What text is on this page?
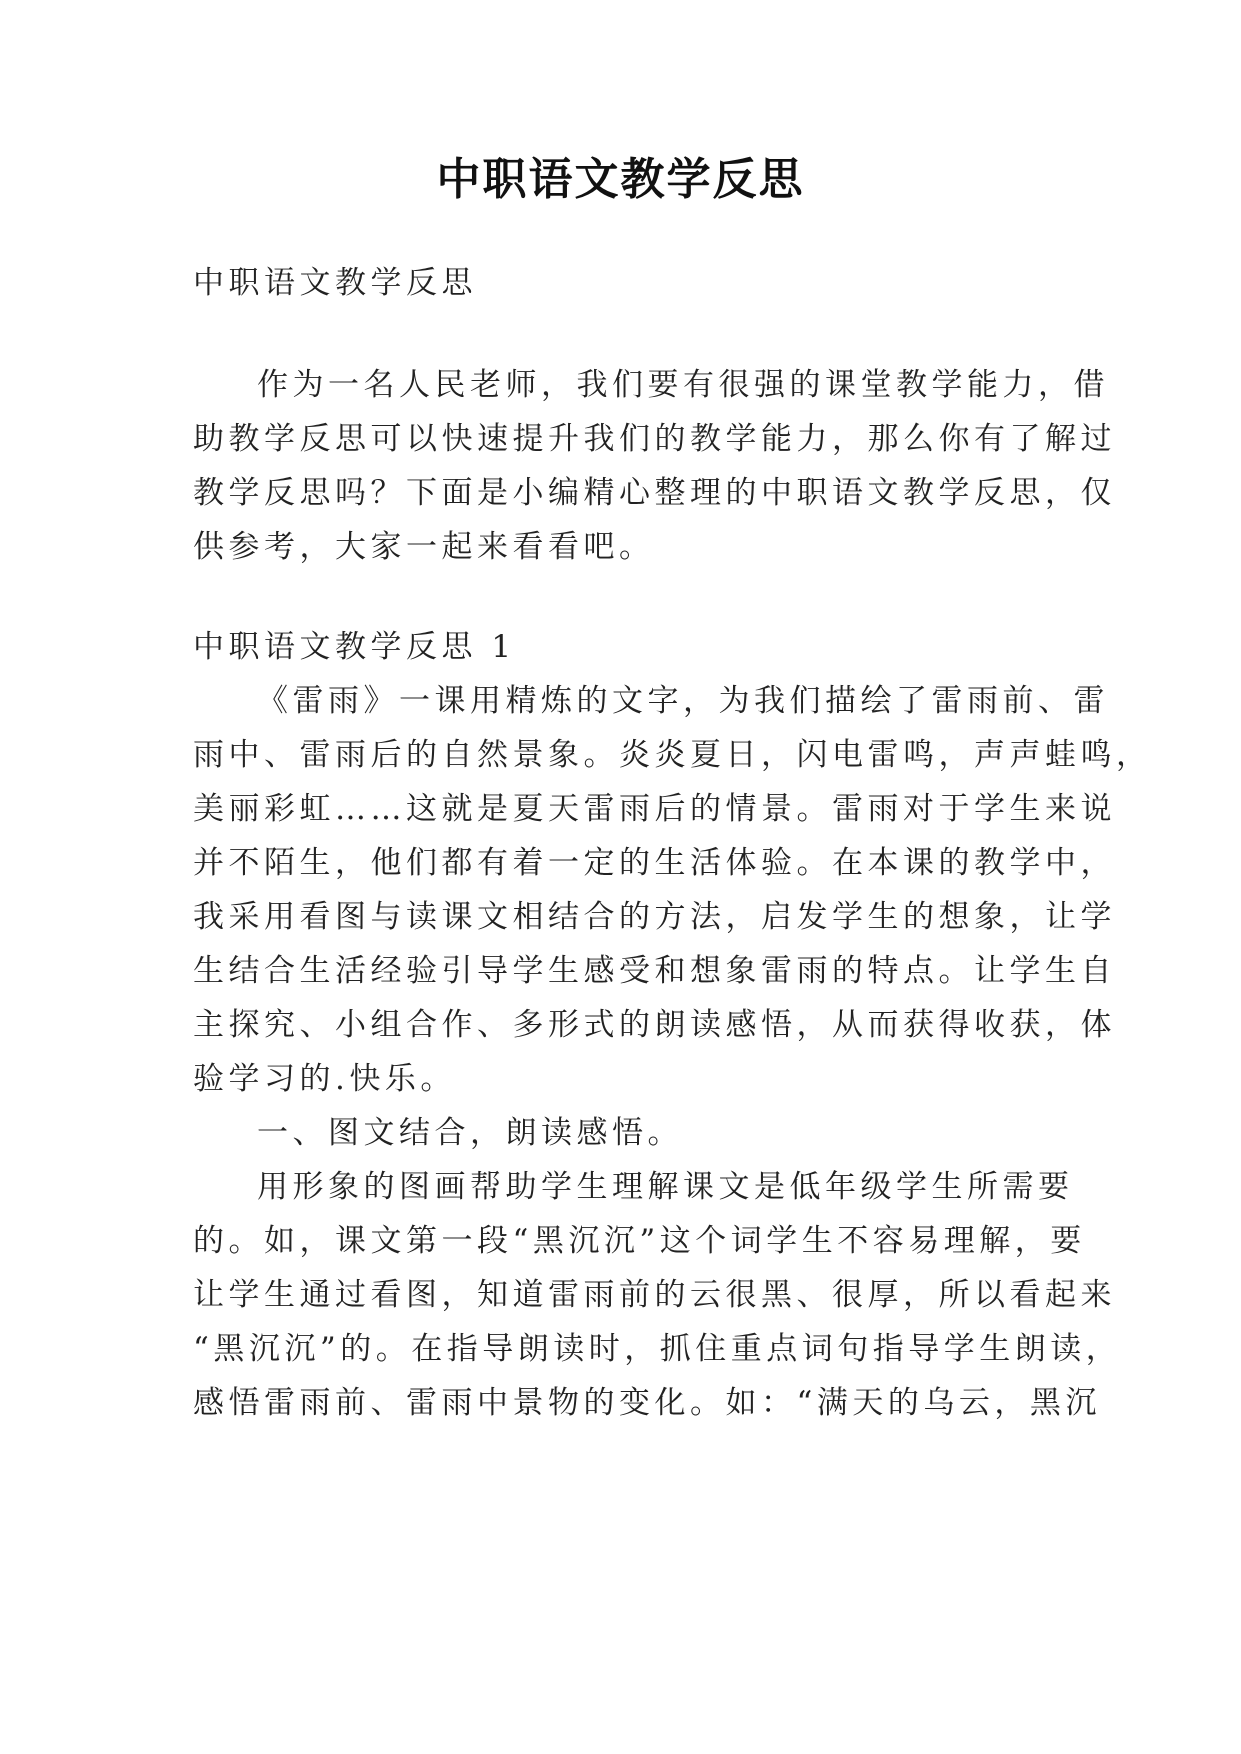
中职语文教学反思
中职语文教学反思
作为一名人民老师，我们要有很强的课堂教学能力，借
助教学反思可以快速提升我们的教学能力，那么你有了解过
教学反思吗？下面是小编精心整理的中职语文教学反思，仅
供参考，大家一起来看看吧。
中职语文教学反思 1
《雷雨》一课用精炼的文字，为我们描绘了雷雨前、雷
雨中、雷雨后的自然景象。炎炎夏日，闪电雷鸣，声声蛙鸣，
美丽彩虹……这就是夏天雷雨后的情景。雷雨对于学生来说
并不陌生，他们都有着一定的生活体验。在本课的教学中，
我采用看图与读课文相结合的方法，启发学生的想象，让学
生结合生活经验引导学生感受和想象雷雨的特点。让学生自
主探究、小组合作、多形式的朗读感悟，从而获得收获，体
验学习的.快乐。
一、图文结合，朗读感悟。
用形象的图画帮助学生理解课文是低年级学生所需要
的。如，课文第一段“黑沉沉”这个词学生不容易理解，要
让学生通过看图，知道雷雨前的云很黑、很厚，所以看起来
“黑沉沉”的。在指导朗读时，抓住重点词句指导学生朗读，
感悟雷雨前、雷雨中景物的变化。如：“满天的乌云，黑沉
